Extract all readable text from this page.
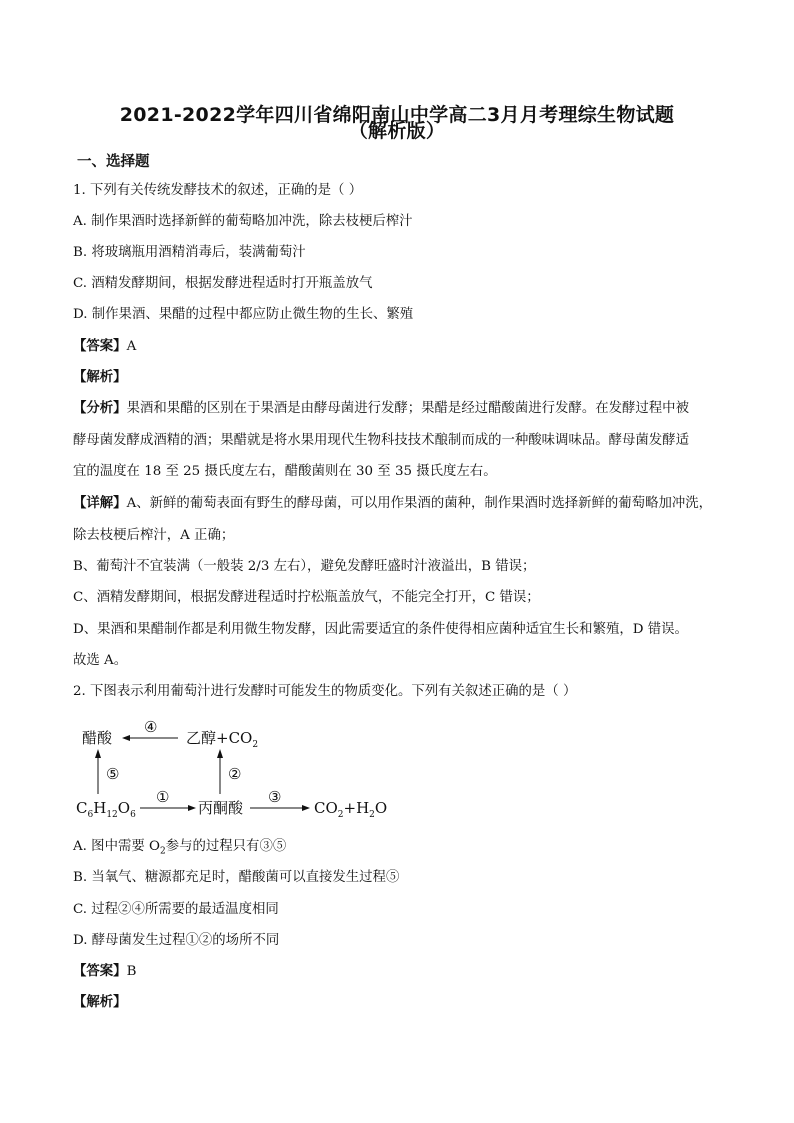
2021-2022学年四川省绵阳南山中学高二3月月考理综生物试题
（解析版）
一、选择题
1. 下列有关传统发酵技术的叙述，正确的是（ ）
A. 制作果酒时选择新鲜的葡萄略加冲洗，除去枝梗后榨汁
B. 将玻璃瓶用酒精消毒后，装满葡萄汁
C. 酒精发酵期间，根据发酵进程适时打开瓶盖放气
D. 制作果酒、果醋的过程中都应防止微生物的生长、繁殖
【答案】A
【解析】
【分析】果酒和果醋的区别在于果酒是由酵母菌进行发酵；果醋是经过醋酸菌进行发酵。在发酵过程中被
酵母菌发酵成酒精的酒；果醋就是将水果用现代生物科技技术酿制而成的一种酸味调味品。酵母菌发酵适
宜的温度在 18 至 25 摄氏度左右，醋酸菌则在 30 至 35 摄氏度左右。
【详解】A、新鲜的葡萄表面有野生的酵母菌，可以用作果酒的菌种，制作果酒时选择新鲜的葡萄略加冲洗，
除去枝梗后榨汁，A 正确；
B、葡萄汁不宜装满（一般装 2/3 左右），避免发酵旺盛时汁液溢出，B 错误；
C、酒精发酵期间，根据发酵进程适时拧松瓶盖放气，不能完全打开，C 错误；
D、果酒和果醋制作都是利用微生物发酵，因此需要适宜的条件使得相应菌种适宜生长和繁殖，D 错误。
故选 A。
2. 下图表示利用葡萄汁进行发酵时可能发生的物质变化。下列有关叙述正确的是（ ）
醋酸
④
乙醇$+CO_2$
⑤	②
$C_6H_{12}O_6$
①
丙酮酸
③
$CO_2+H_2O$
A. 图中需要 $O_2$参与的过程只有③⑤
B. 当氧气、糖源都充足时，醋酸菌可以直接发生过程⑤
C. 过程②④所需要的最适温度相同
D. 酵母菌发生过程①②的场所不同
【答案】B
【解析】
